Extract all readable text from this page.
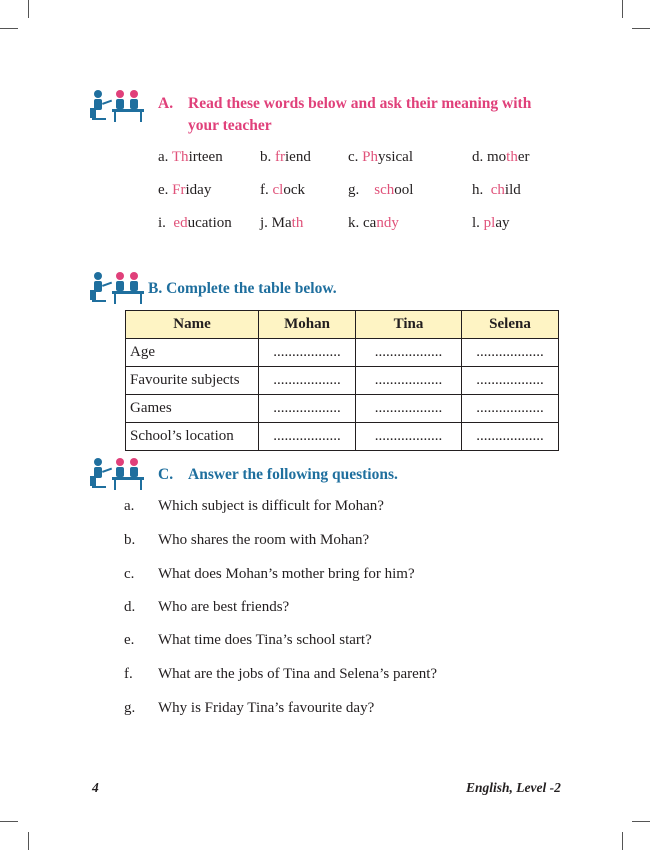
A. Read these words below and ask their meaning with
your teacher
a. Thirteen b. friend c. Physical	d. mother
e. Friday	f. clock	g.    school	h.  child
i.  education j. Math	k. candy	l. play
B. Complete the table below.
Name	Mohan	Tina	Selena
Age	..................	..................	..................
Favourite subjects	..................	..................	..................
Games	..................	..................	..................
School’s location	..................	..................	..................
C. Answer the following questions.
a. Which subject is difficult for Mohan?
b. Who shares the room with Mohan?
c. What does Mohan’s mother bring for him?
d. Who are best friends?
e. What time does Tina’s school start?
f. What are the jobs of Tina and Selena’s parent?
g. Why is Friday Tina’s favourite day?
4	English, Level -2
